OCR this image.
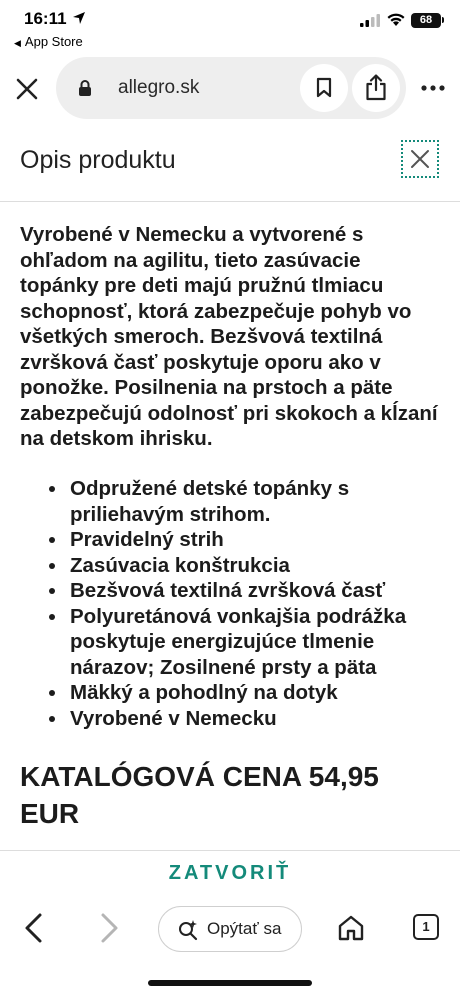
16:11
◀ App Store
68
allegro.sk
Opis produktu

Vyrobené v Nemecku a vytvorené s ohľadom na agilitu, tieto zasúvacie topánky pre deti majú pružnú tlmiacu schopnosť, ktorá zabezpečuje pohyb vo všetkých smeroch. Bezšvová textilná zvršková časť poskytuje oporu ako v ponožke. Posilnenia na prstoch a päte zabezpečujú odolnosť pri skokoch a kĺzaní na detskom ihrisku.

• Odpružené detské topánky s priliehavým strihom.
• Pravidelný strih
• Zasúvacia konštrukcia
• Bezšvová textilná zvršková časť
• Polyuretánová vonkajšia podrážka poskytuje energizujúce tlmenie nárazov; Zosilnené prsty a päta
• Mäkký a pohodlný na dotyk
• Vyrobené v Nemecku

KATALÓGOVÁ CENA 54,95 EUR

ZATVORIŤ
Opýtať sa	1
